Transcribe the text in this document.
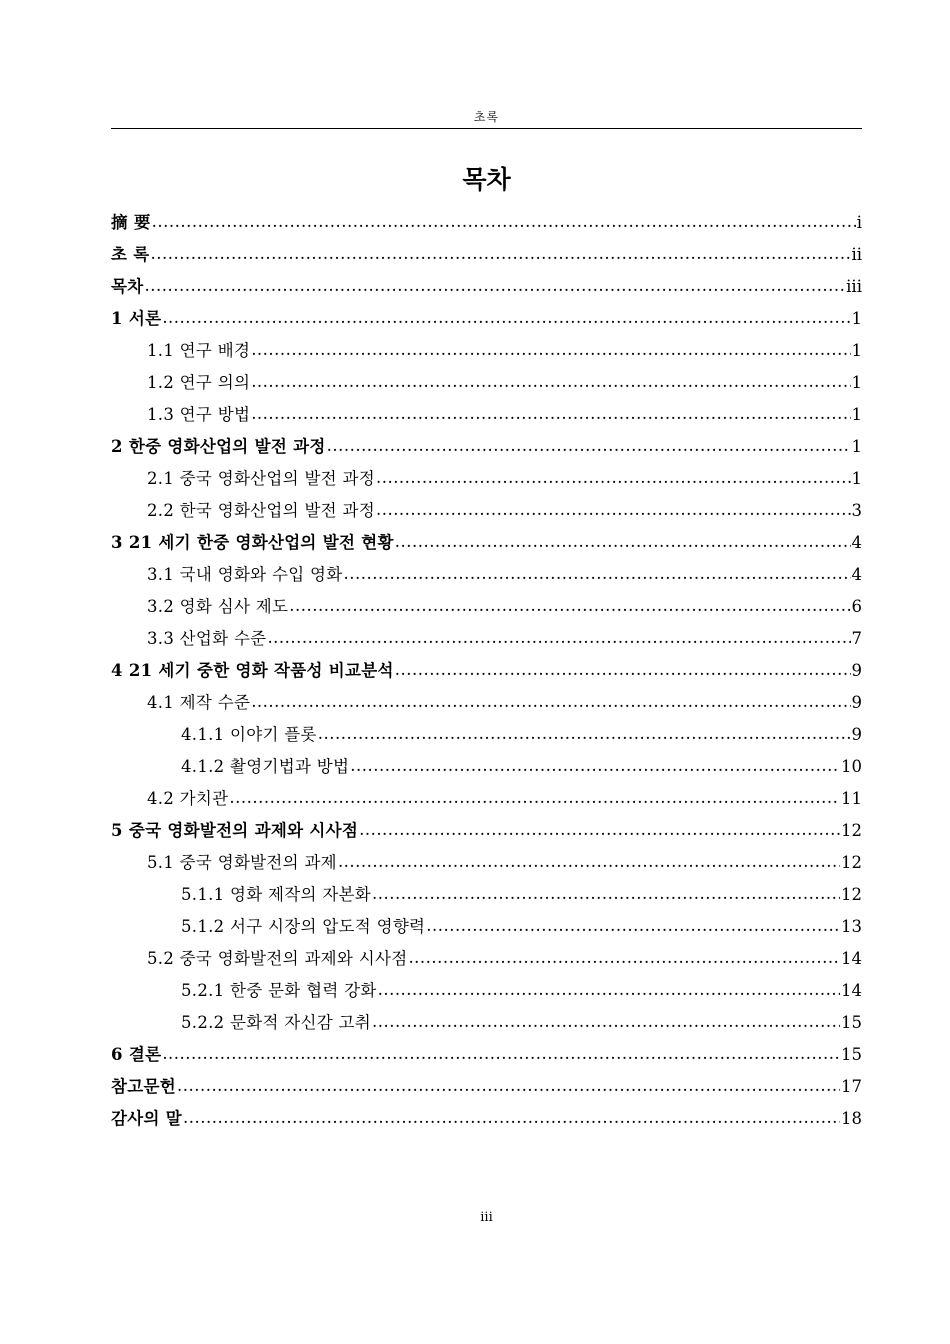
초록
목차
摘 要 .....	i
초 록 .....	ii
목차 .....	iii
1 서론 .....	1
1.1 연구 배경 .....	1
1.2 연구 의의 .....	1
1.3 연구 방법 .....	1
2 한중 영화산업의 발전 과정 .....	1
2.1 중국 영화산업의 발전 과정 .....	1
2.2 한국 영화산업의 발전 과정 .....	3
3 21 세기 한중 영화산업의 발전 현황 .....	4
3.1 국내 영화와 수입 영화 .....	4
3.2 영화 심사 제도 .....	6
3.3 산업화 수준 .....	7
4 21 세기 중한 영화 작품성 비교분석 .....	9
4.1 제작 수준 .....	9
4.1.1 이야기 플롯 .....	9
4.1.2 촬영기법과 방법 .....	10
4.2 가치관 .....	11
5 중국 영화발전의 과제와 시사점 .....	12
5.1 중국 영화발전의 과제 .....	12
5.1.1 영화 제작의 자본화 .....	12
5.1.2 서구 시장의 압도적 영향력 .....	13
5.2 중국 영화발전의 과제와 시사점 .....	14
5.2.1 한중 문화 협력 강화 .....	14
5.2.2 문화적 자신감 고취 .....	15
6 결론 .....	15
참고문헌 .....	17
감사의 말 .....	18
iii
